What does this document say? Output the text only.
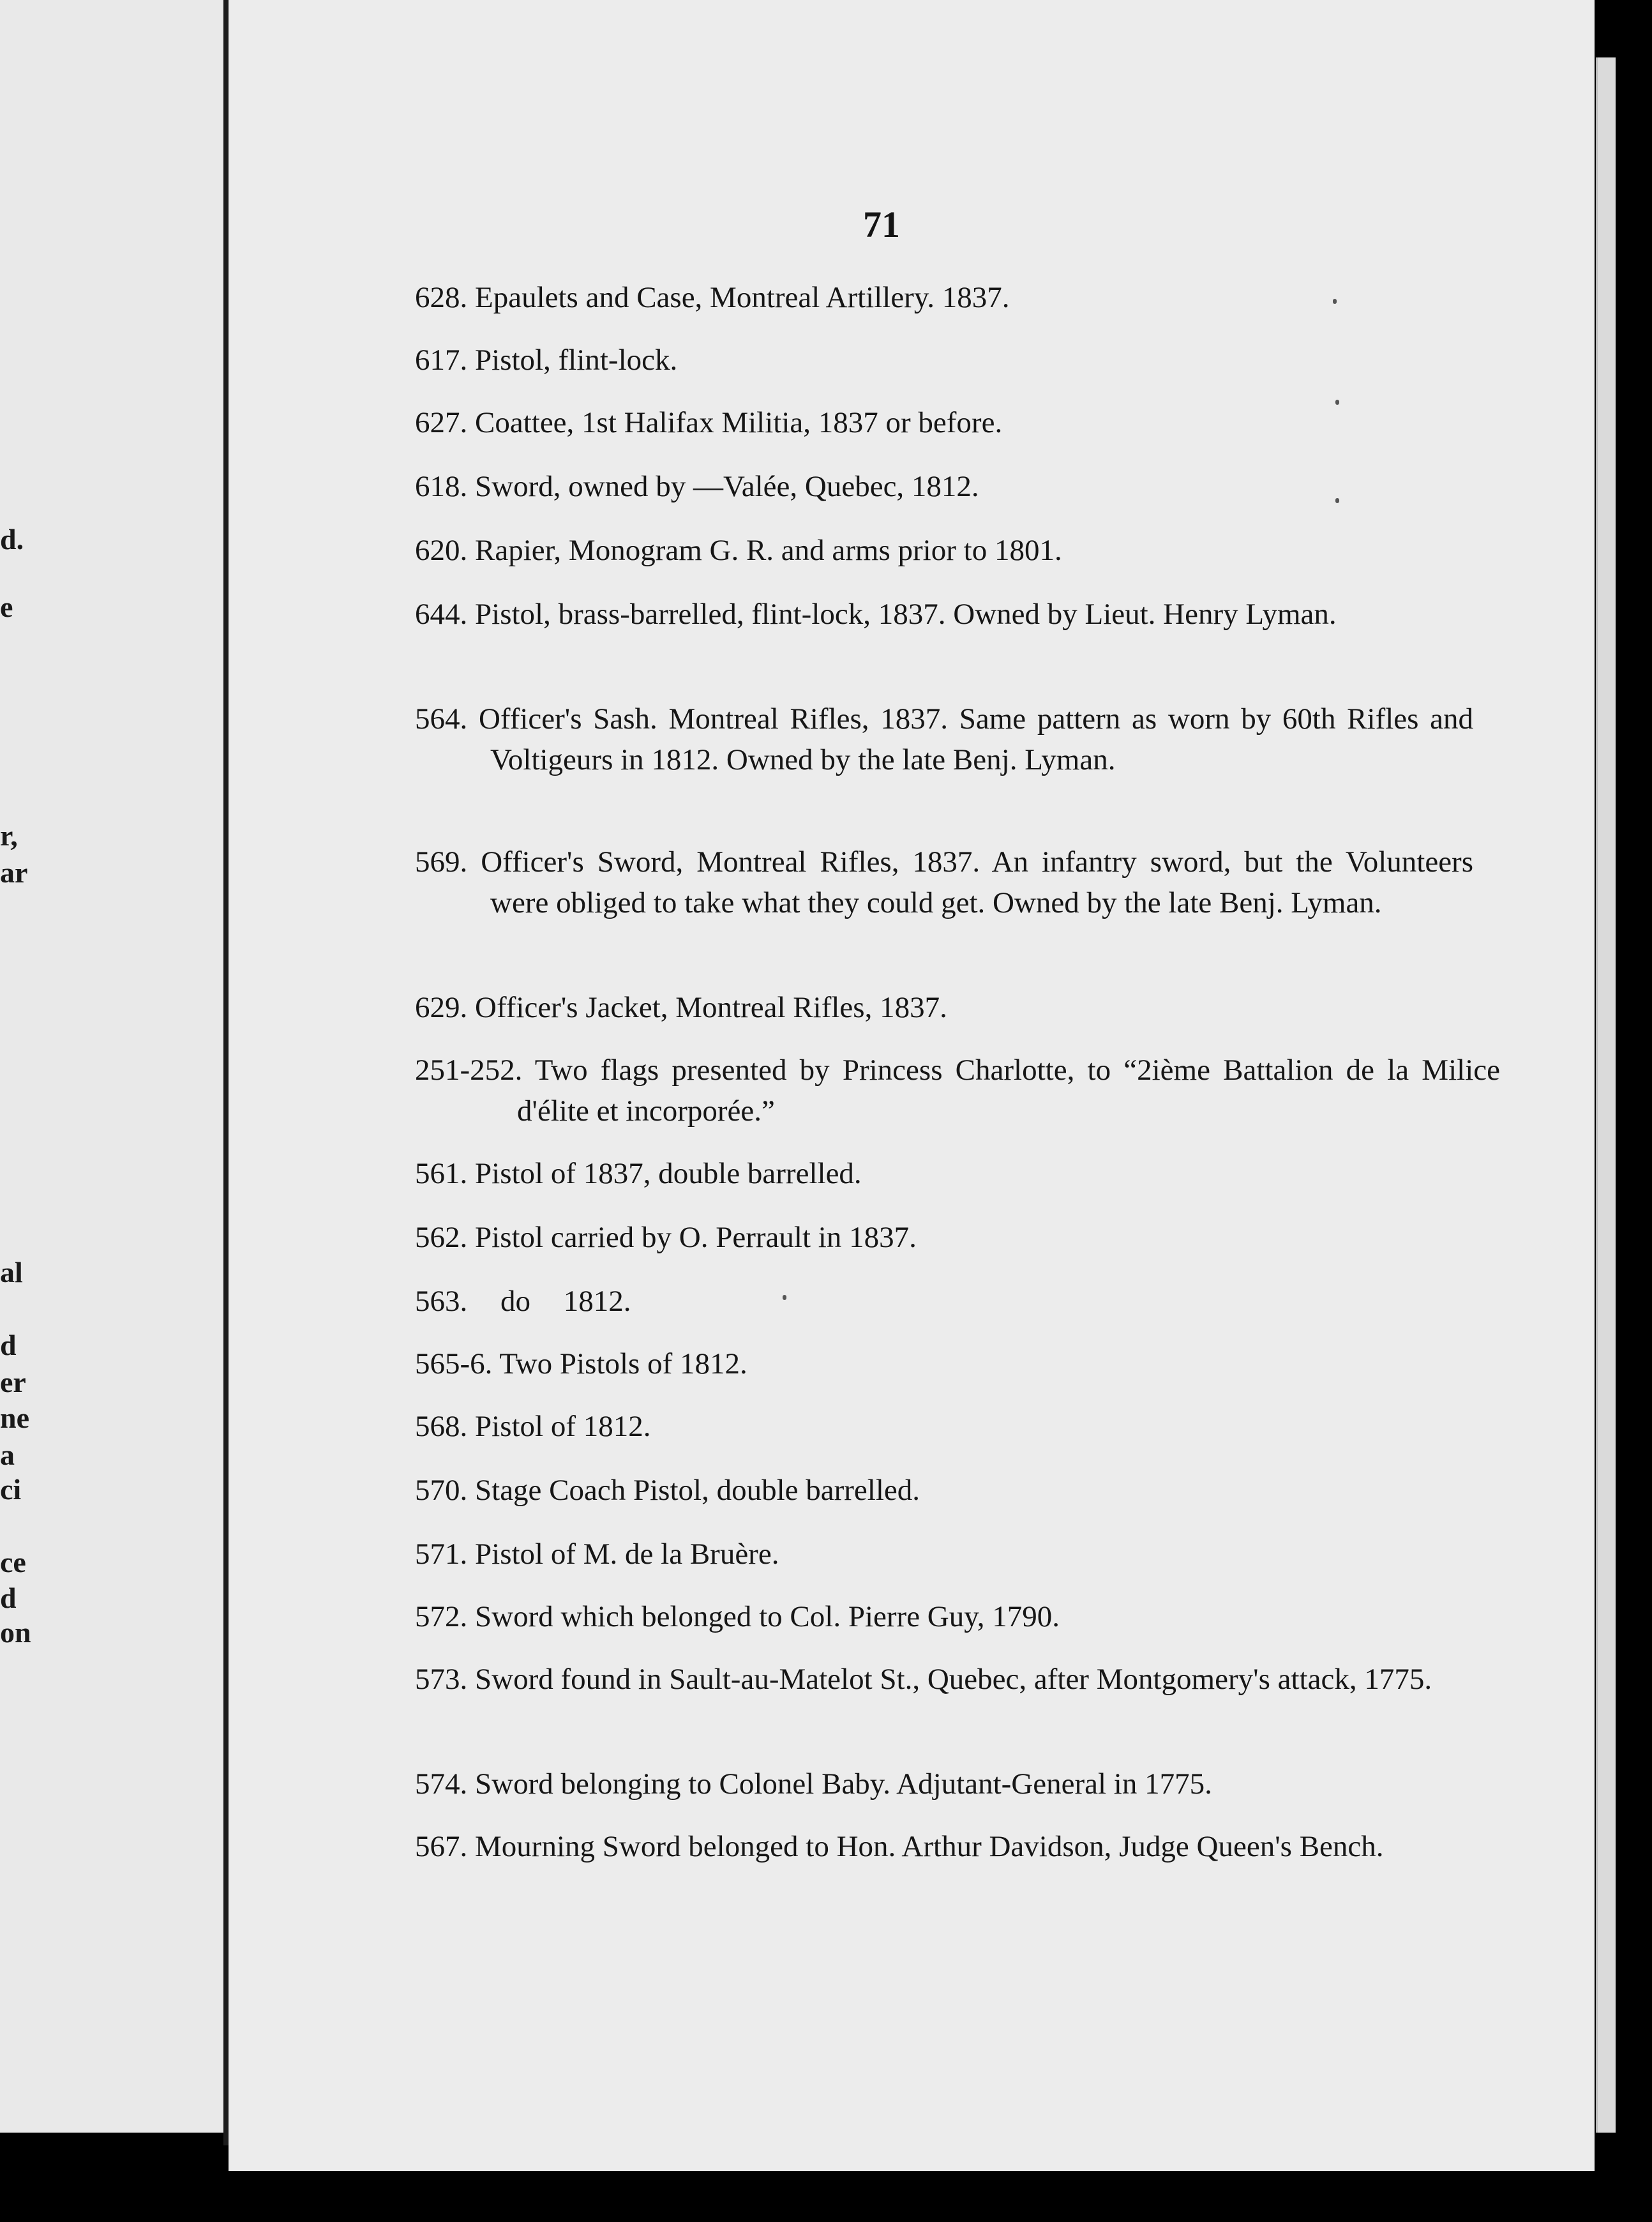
d.
e
r,
ar
al
d
er
ne
a
ci
ce
d
on
71
628. Epaulets and Case, Montreal Artillery. 1837.
617. Pistol, flint-lock.
627. Coattee, 1st Halifax Militia, 1837 or before.
618. Sword, owned by —Valée, Quebec, 1812.
620. Rapier, Monogram G. R. and arms prior to 1801.
644. Pistol, brass-barrelled, flint-lock, 1837. Owned by Lieut. Henry Lyman.
564. Officer's Sash. Montreal Rifles, 1837. Same pattern as worn by 60th Rifles and Voltigeurs in 1812. Owned by the late Benj. Lyman.
569. Officer's Sword, Montreal Rifles, 1837. An infantry sword, but the Volunteers were obliged to take what they could get. Owned by the late Benj. Lyman.
629. Officer's Jacket, Montreal Rifles, 1837.
251-252. Two flags presented by Princess Charlotte, to “2ième Battalion de la Milice d'élite et incorporée.”
561. Pistol of 1837, double barrelled.
562. Pistol carried by O. Perrault in 1837.
563. do 1812.
565-6. Two Pistols of 1812.
568. Pistol of 1812.
570. Stage Coach Pistol, double barrelled.
571. Pistol of M. de la Bruère.
572. Sword which belonged to Col. Pierre Guy, 1790.
573. Sword found in Sault-au-Matelot St., Quebec, after Montgomery's attack, 1775.
574. Sword belonging to Colonel Baby. Adjutant-General in 1775.
567. Mourning Sword belonged to Hon. Arthur Davidson, Judge Queen's Bench.
